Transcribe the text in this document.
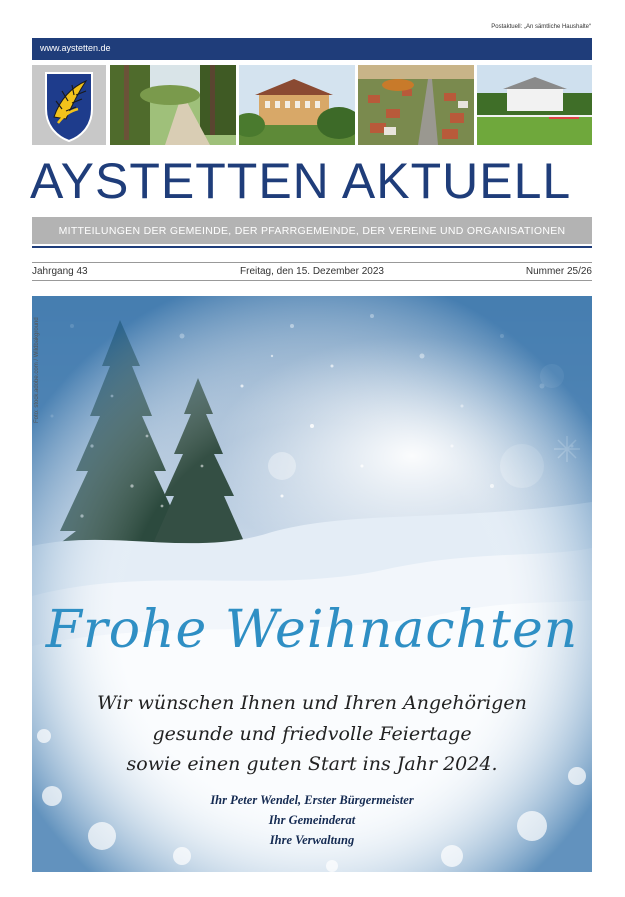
Postaktuell: „An sämtliche Haushalte“
www.aystetten.de
AYSTETTEN AKTUELL
MITTEILUNGEN DER GEMEINDE, DER PFARRGEMEINDE, DER VEREINE UND ORGANISATIONEN
Jahrgang 43	Freitag, den 15. Dezember 2023	Nummer 25/26
Foto: stock.adobe.com / Wildbakground
Frohe Weihnachten
Wir wünschen Ihnen und Ihren Angehörigen
gesunde und friedvolle Feiertage
sowie einen guten Start ins Jahr 2024.
Ihr Peter Wendel, Erster Bürgermeister
Ihr Gemeinderat
Ihre Verwaltung
